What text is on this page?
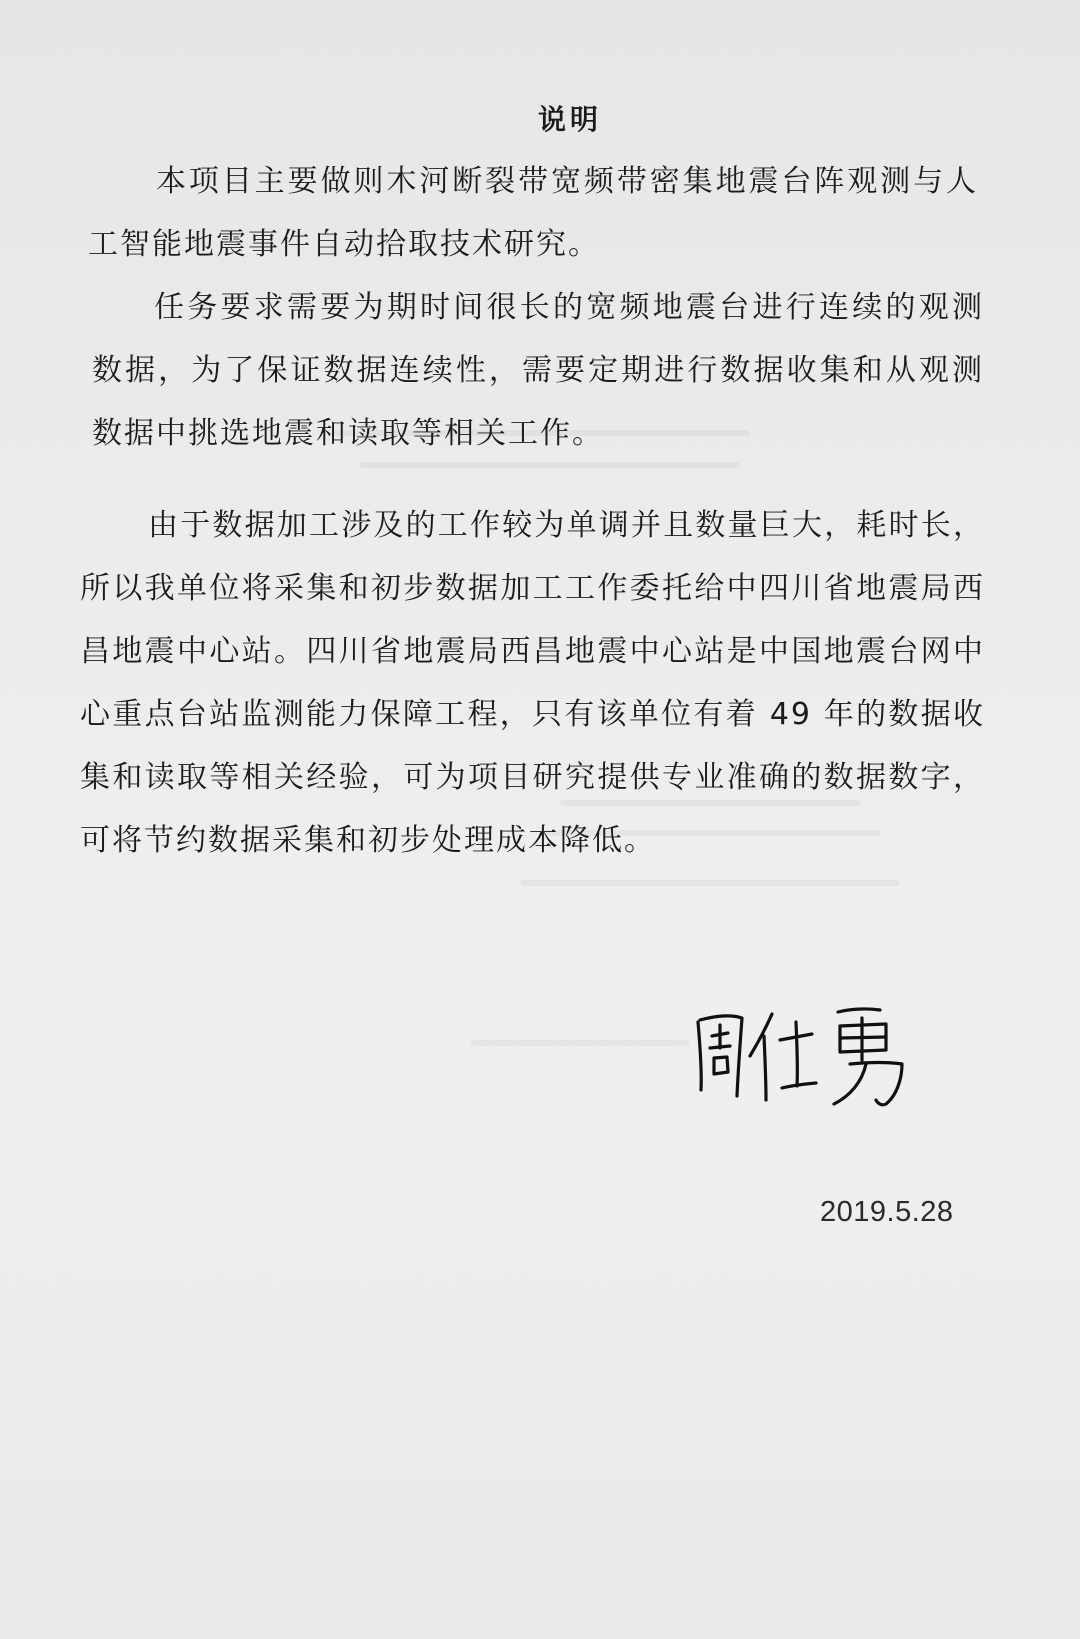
说明
本项目主要做则木河断裂带宽频带密集地震台阵观测与人工智能地震事件自动拾取技术研究。
任务要求需要为期时间很长的宽频地震台进行连续的观测数据，为了保证数据连续性，需要定期进行数据收集和从观测数据中挑选地震和读取等相关工作。
由于数据加工涉及的工作较为单调并且数量巨大，耗时长，所以我单位将采集和初步数据加工工作委托给中四川省地震局西昌地震中心站。四川省地震局西昌地震中心站是中国地震台网中心重点台站监测能力保障工程，只有该单位有着 49 年的数据收集和读取等相关经验，可为项目研究提供专业准确的数据数字，可将节约数据采集和初步处理成本降低。
2019.5.28
